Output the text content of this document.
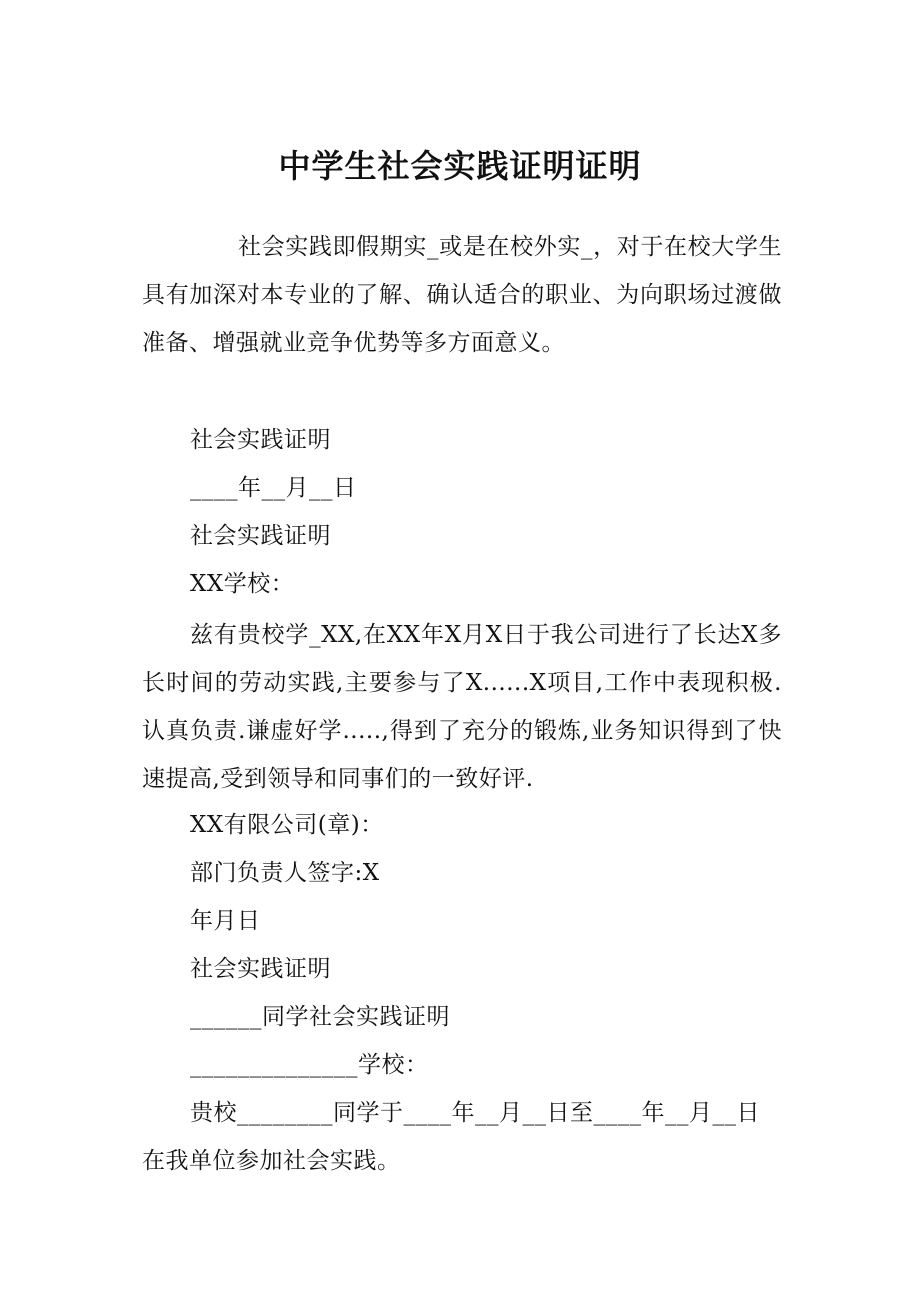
中学生社会实践证明证明
社会实践即假期实_或是在校外实_，对于在校大学生具有加深对本专业的了解、确认适合的职业、为向职场过渡做准备、增强就业竞争优势等多方面意义。
社会实践证明
____年__月__日
社会实践证明
XX学校：
兹有贵校学_XX,在XX年X月X日于我公司进行了长达X多长时间的劳动实践,主要参与了X......X项目,工作中表现积极.认真负责.谦虚好学.....,得到了充分的锻炼,业务知识得到了快速提高,受到领导和同事们的一致好评.
XX有限公司(章)：
部门负责人签字:X
年月日
社会实践证明
______同学社会实践证明
______________学校：
贵校________同学于____年__月__日至____年__月__日在我单位参加社会实践。
